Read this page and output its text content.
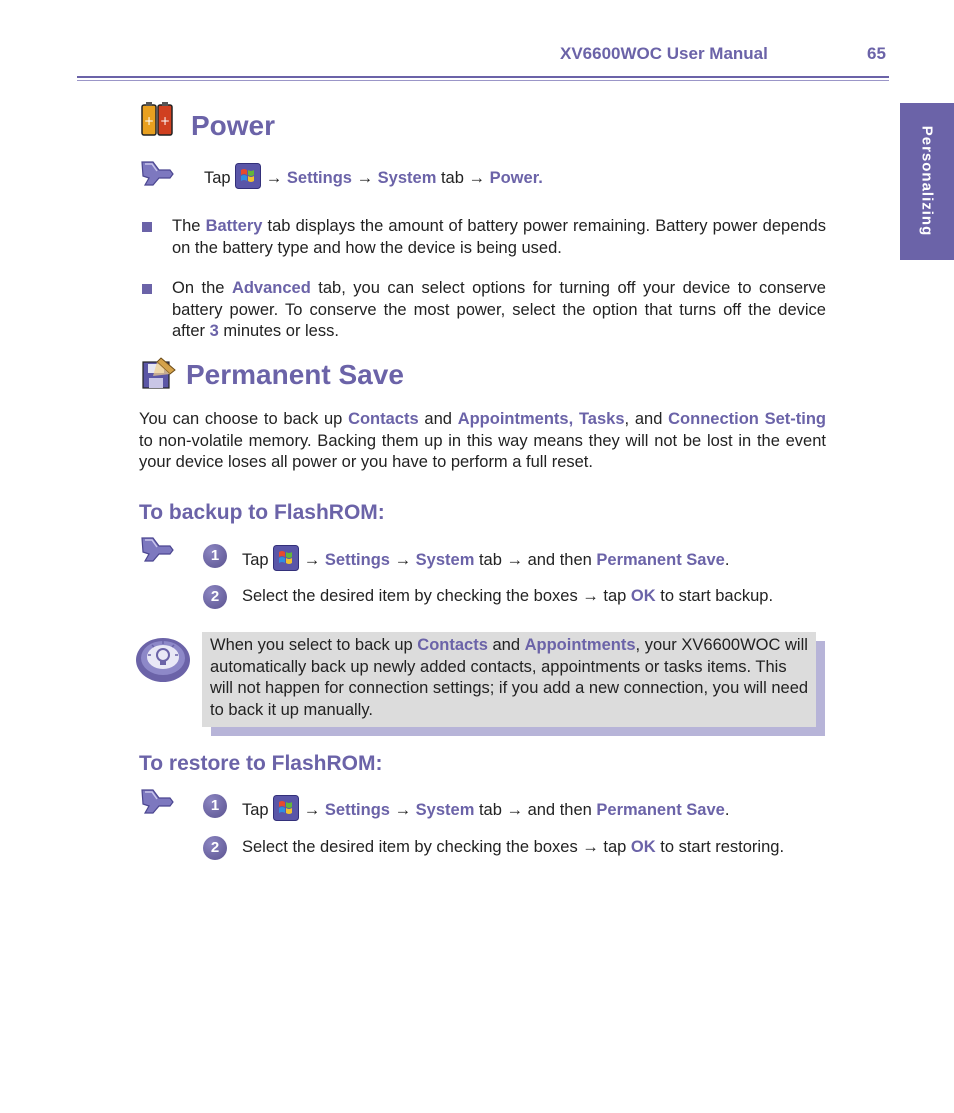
XV6600WOC User Manual	65
Personalizing
+ + Power
Tap → Settings → System tab → Power.
The Battery tab displays the amount of battery power remaining. Battery power depends on the battery type and how the device is being used.
On the Advanced tab, you can select options for turning off your device to conserve battery power. To conserve the most power, select the option that turns off the device after 3 minutes or less.
Permanent Save
You can choose to back up Contacts and Appointments, Tasks, and Connection Set-ting to non-volatile memory. Backing them up in this way means they will not be lost in the event your device loses all power or you have to perform a full reset.
To backup to FlashROM:
1	Tap → Settings → System tab → and then Permanent Save.
2	Select the desired item by checking the boxes → tap OK to start backup.
When you select to back up Contacts and Appointments, your XV6600WOC will automatically back up newly added contacts, appointments or tasks items. This will not happen for connection settings; if you add a new connection, you will need to back it up manually.
To restore to FlashROM:
1	Tap → Settings → System tab → and then Permanent Save.
2	Select the desired item by checking the boxes → tap OK to start restoring.
